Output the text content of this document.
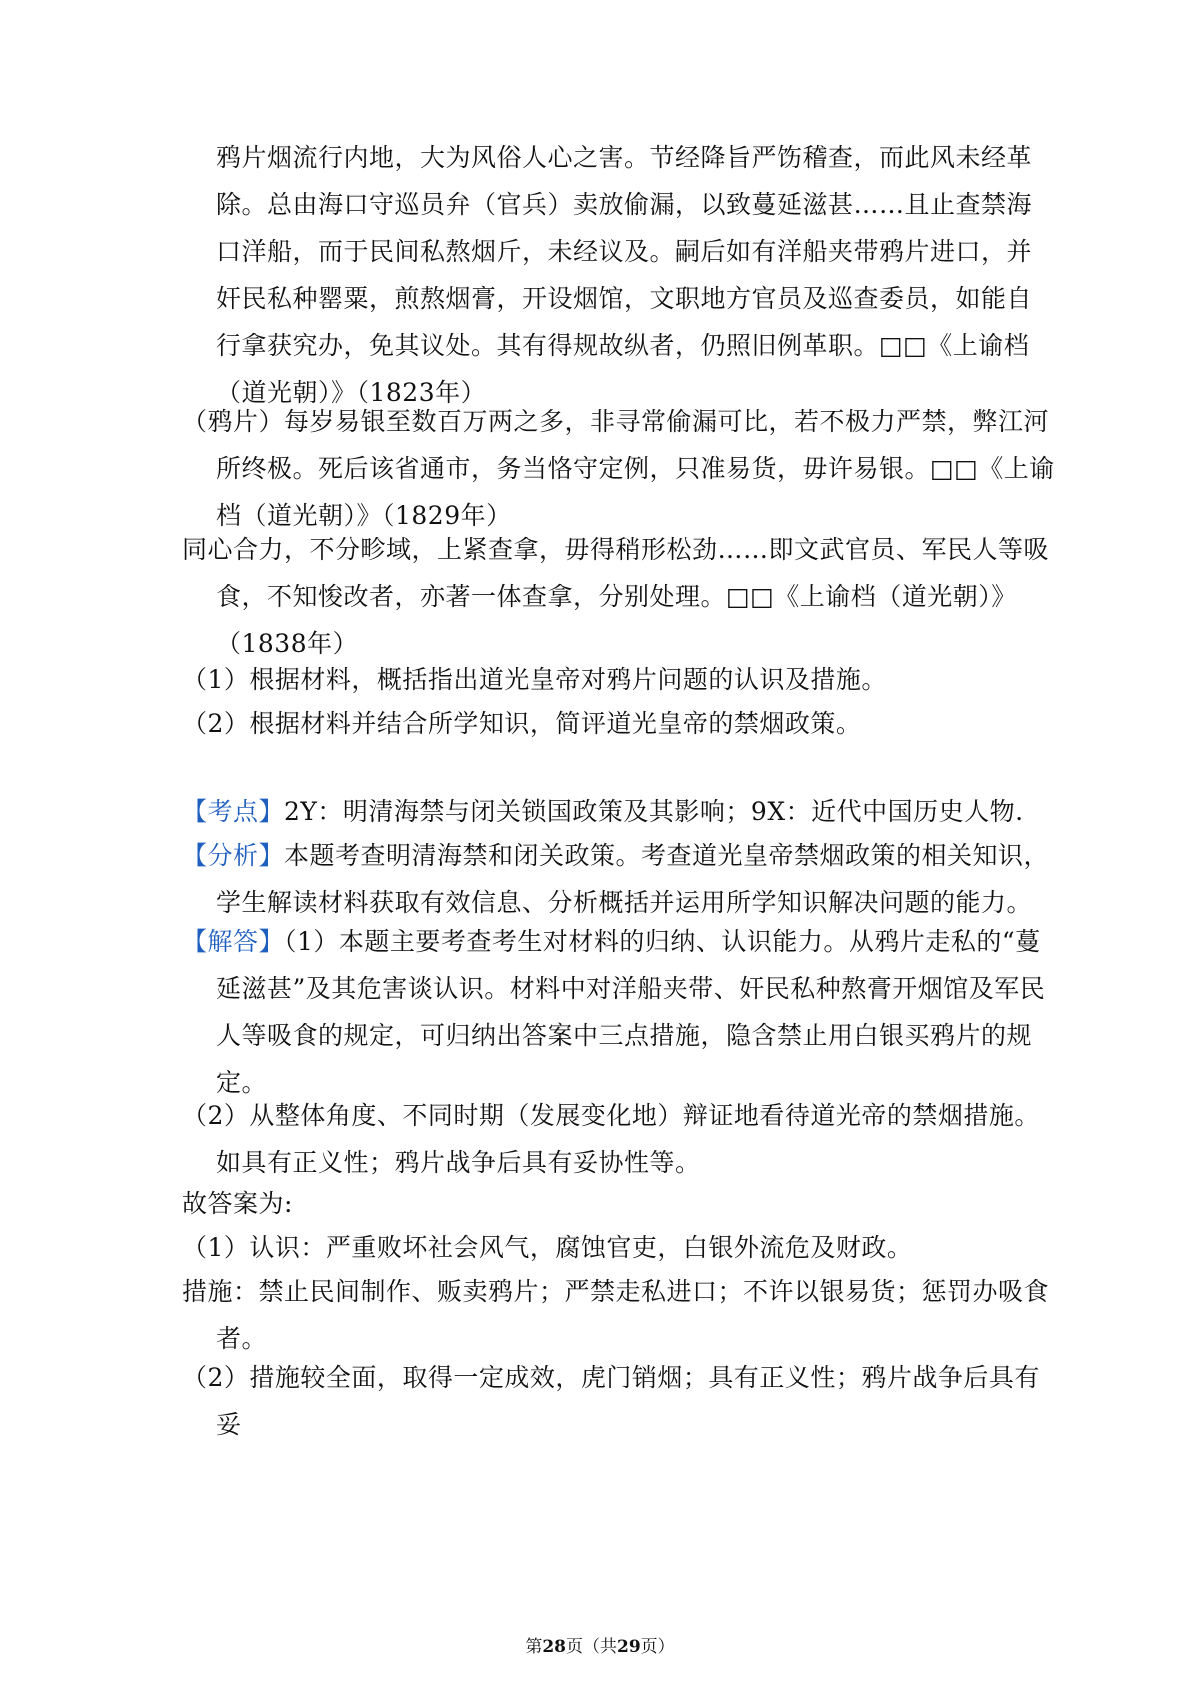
鸦片烟流行内地，大为风俗人心之害。节经降旨严饬稽查，而此风未经革除。总由海口守巡员弁（官兵）卖放偷漏，以致蔓延滋甚……且止查禁海口洋船，而于民间私熬烟斤，未经议及。嗣后如有洋船夹带鸦片进口，并奸民私种罂粟，煎熬烟膏，开设烟馆，文职地方官员及巡查委员，如能自行拿获究办，免其议处。其有得规故纵者，仍照旧例革职。□□《上谕档（道光朝）》（1823年）

（鸦片）每岁易银至数百万两之多，非寻常偷漏可比，若不极力严禁，弊江河所终极。死后该省通市，务当恪守定例，只准易货，毋许易银。□□《上谕档（道光朝）》（1829年）

同心合力，不分畛域，上紧查拿，毋得稍形松劲……即文武官员、军民人等吸食，不知悛改者，亦著一体查拿，分别处理。□□《上谕档（道光朝）》（1838年）

（1）根据材料，概括指出道光皇帝对鸦片问题的认识及措施。

（2）根据材料并结合所学知识，简评道光皇帝的禁烟政策。

【考点】2Y：明清海禁与闭关锁国政策及其影响；9X：近代中国历史人物.

【分析】本题考查明清海禁和闭关政策。考查道光皇帝禁烟政策的相关知识，学生解读材料获取有效信息、分析概括并运用所学知识解决问题的能力。

【解答】（1）本题主要考查考生对材料的归纳、认识能力。从鸦片走私的“蔓延滋甚”及其危害谈认识。材料中对洋船夹带、奸民私种熬膏开烟馆及军民人等吸食的规定，可归纳出答案中三点措施，隐含禁止用白银买鸦片的规定。

（2）从整体角度、不同时期（发展变化地）辩证地看待道光帝的禁烟措施。如具有正义性；鸦片战争后具有妥协性等。

故答案为:

（1）认识：严重败坏社会风气，腐蚀官吏，白银外流危及财政。

措施：禁止民间制作、贩卖鸦片；严禁走私进口；不许以银易货；惩罚办吸食者。

（2）措施较全面，取得一定成效，虎门销烟；具有正义性；鸦片战争后具有妥

第28页（共29页）
